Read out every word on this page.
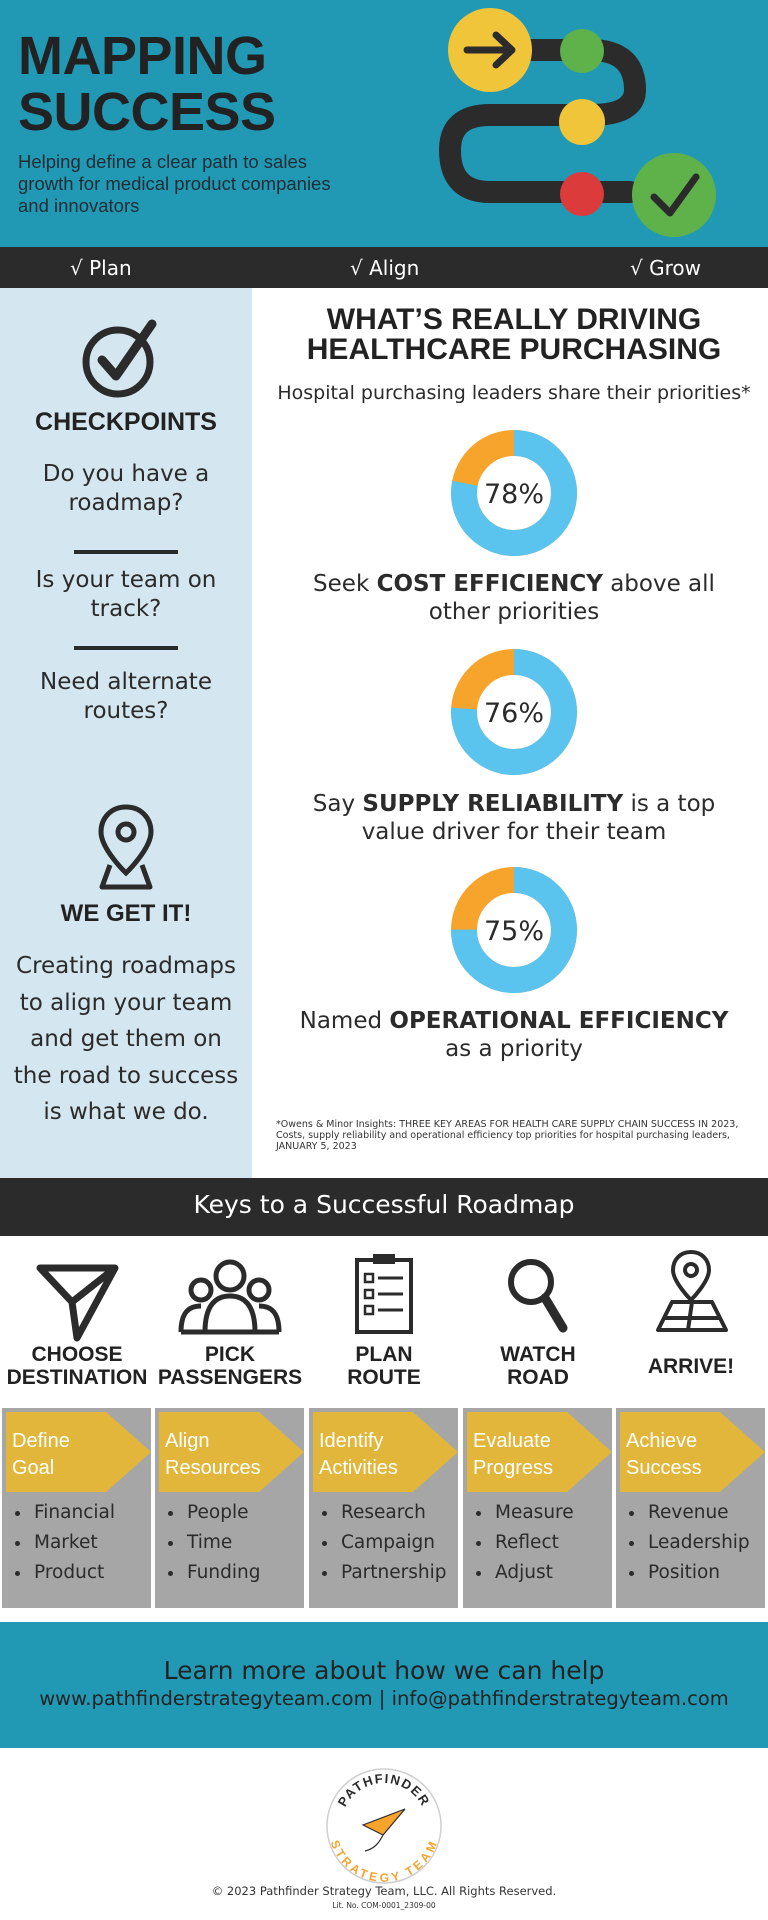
MAPPING
SUCCESS
Helping define a clear path to sales growth for medical product companies and innovators
√ Plan	√ Align	√ Grow
CHECKPOINTS
Do you have a roadmap?
Is your team on track?
Need alternate routes?
WE GET IT!
Creating roadmaps to align your team and get them on the road to success is what we do.
WHAT’S REALLY DRIVING
HEALTHCARE PURCHASING
Hospital purchasing leaders share their priorities*
78%
Seek COST EFFICIENCY above all
other priorities
76%
Say SUPPLY RELIABILITY is a top
value driver for their team
75%
Named OPERATIONAL EFFICIENCY
as a priority
*Owens & Minor Insights: THREE KEY AREAS FOR HEALTH CARE SUPPLY CHAIN SUCCESS IN 2023, Costs, supply reliability and operational efficiency top priorities for hospital purchasing leaders, JANUARY 5, 2023
Keys to a Successful Roadmap
CHOOSE
DESTINATION
Define
Goal
• Financial
• Market
• Product
PICK
PASSENGERS
Align
Resources
• People
• Time
• Funding
PLAN
ROUTE
Identify
Activities
• Research
• Campaign
• Partnership
WATCH
ROAD
Evaluate
Progress
• Measure
• Reflect
• Adjust
ARRIVE!
Achieve
Success
• Revenue
• Leadership
• Position
Learn more about how we can help
www.pathfinderstrategyteam.com | info@pathfinderstrategyteam.com
PATHFINDER
STRATEGY TEAM
© 2023 Pathfinder Strategy Team, LLC. All Rights Reserved.
Lit. No. COM-0001_2309-00
